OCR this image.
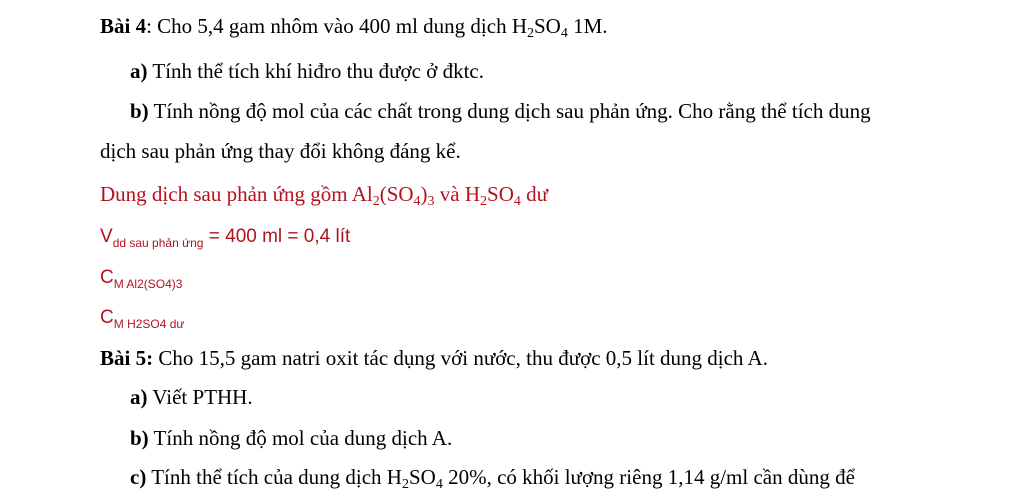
Bài 4: Cho 5,4 gam nhôm vào 400 ml dung dịch $H_2SO_4$ 1M.
a) Tính thể tích khí hiđro thu được ở đktc.
b) Tính nồng độ mol của các chất trong dung dịch sau phản ứng. Cho rằng thể tích dung
dịch sau phản ứng thay đổi không đáng kể.
Dung dịch sau phản ứng gồm $Al_2(SO_4)_3$ và $H_2SO_4$ dư
$V_{dd sau phản ứng} = 400$ ml = 0,4 lít
$C_{M Al2(SO4)3}$
$C_{M H2SO4 dư}$
Bài 5: Cho 15,5 gam natri oxit tác dụng với nước, thu được 0,5 lít dung dịch A.
a) Viết PTHH.
b) Tính nồng độ mol của dung dịch A.
c) Tính thể tích của dung dịch $H_2SO_4$ 20%, có khối lượng riêng 1,14 g/ml cần dùng để
